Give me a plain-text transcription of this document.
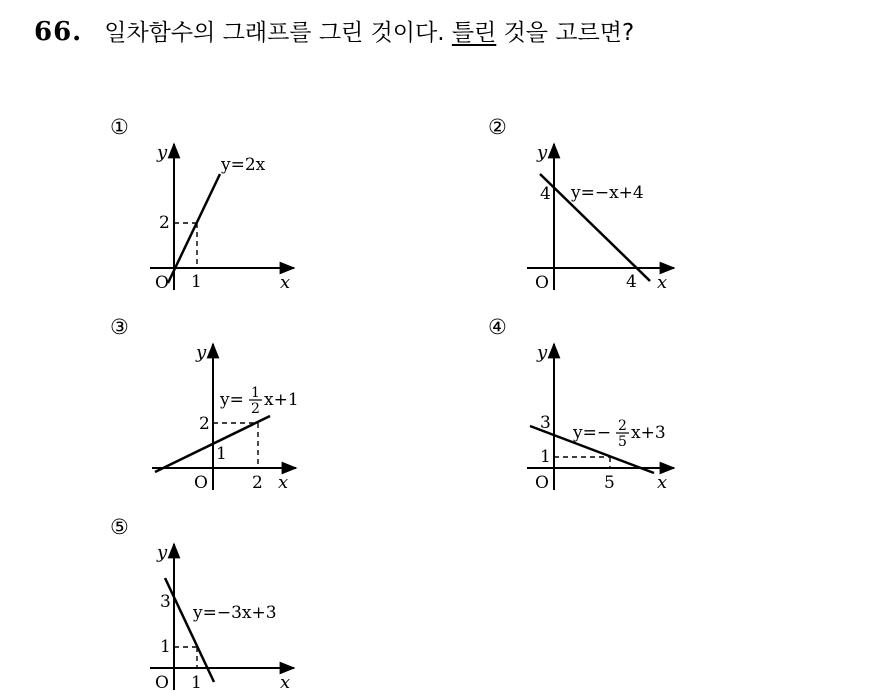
66. 일차함수의 그래프를 그린 것이다. 틀린 것을 고르면?
①
y
x
y=2x
2
1
O
②
y
x
y=−x+4
4
4
O
③
y
x
y= 1
2 x+1
2
1
2
O
④
y
x
y=− 2
5 x+3
3
1
5
O
⑤
y
x
y=−3x+3
3
1
1
O
